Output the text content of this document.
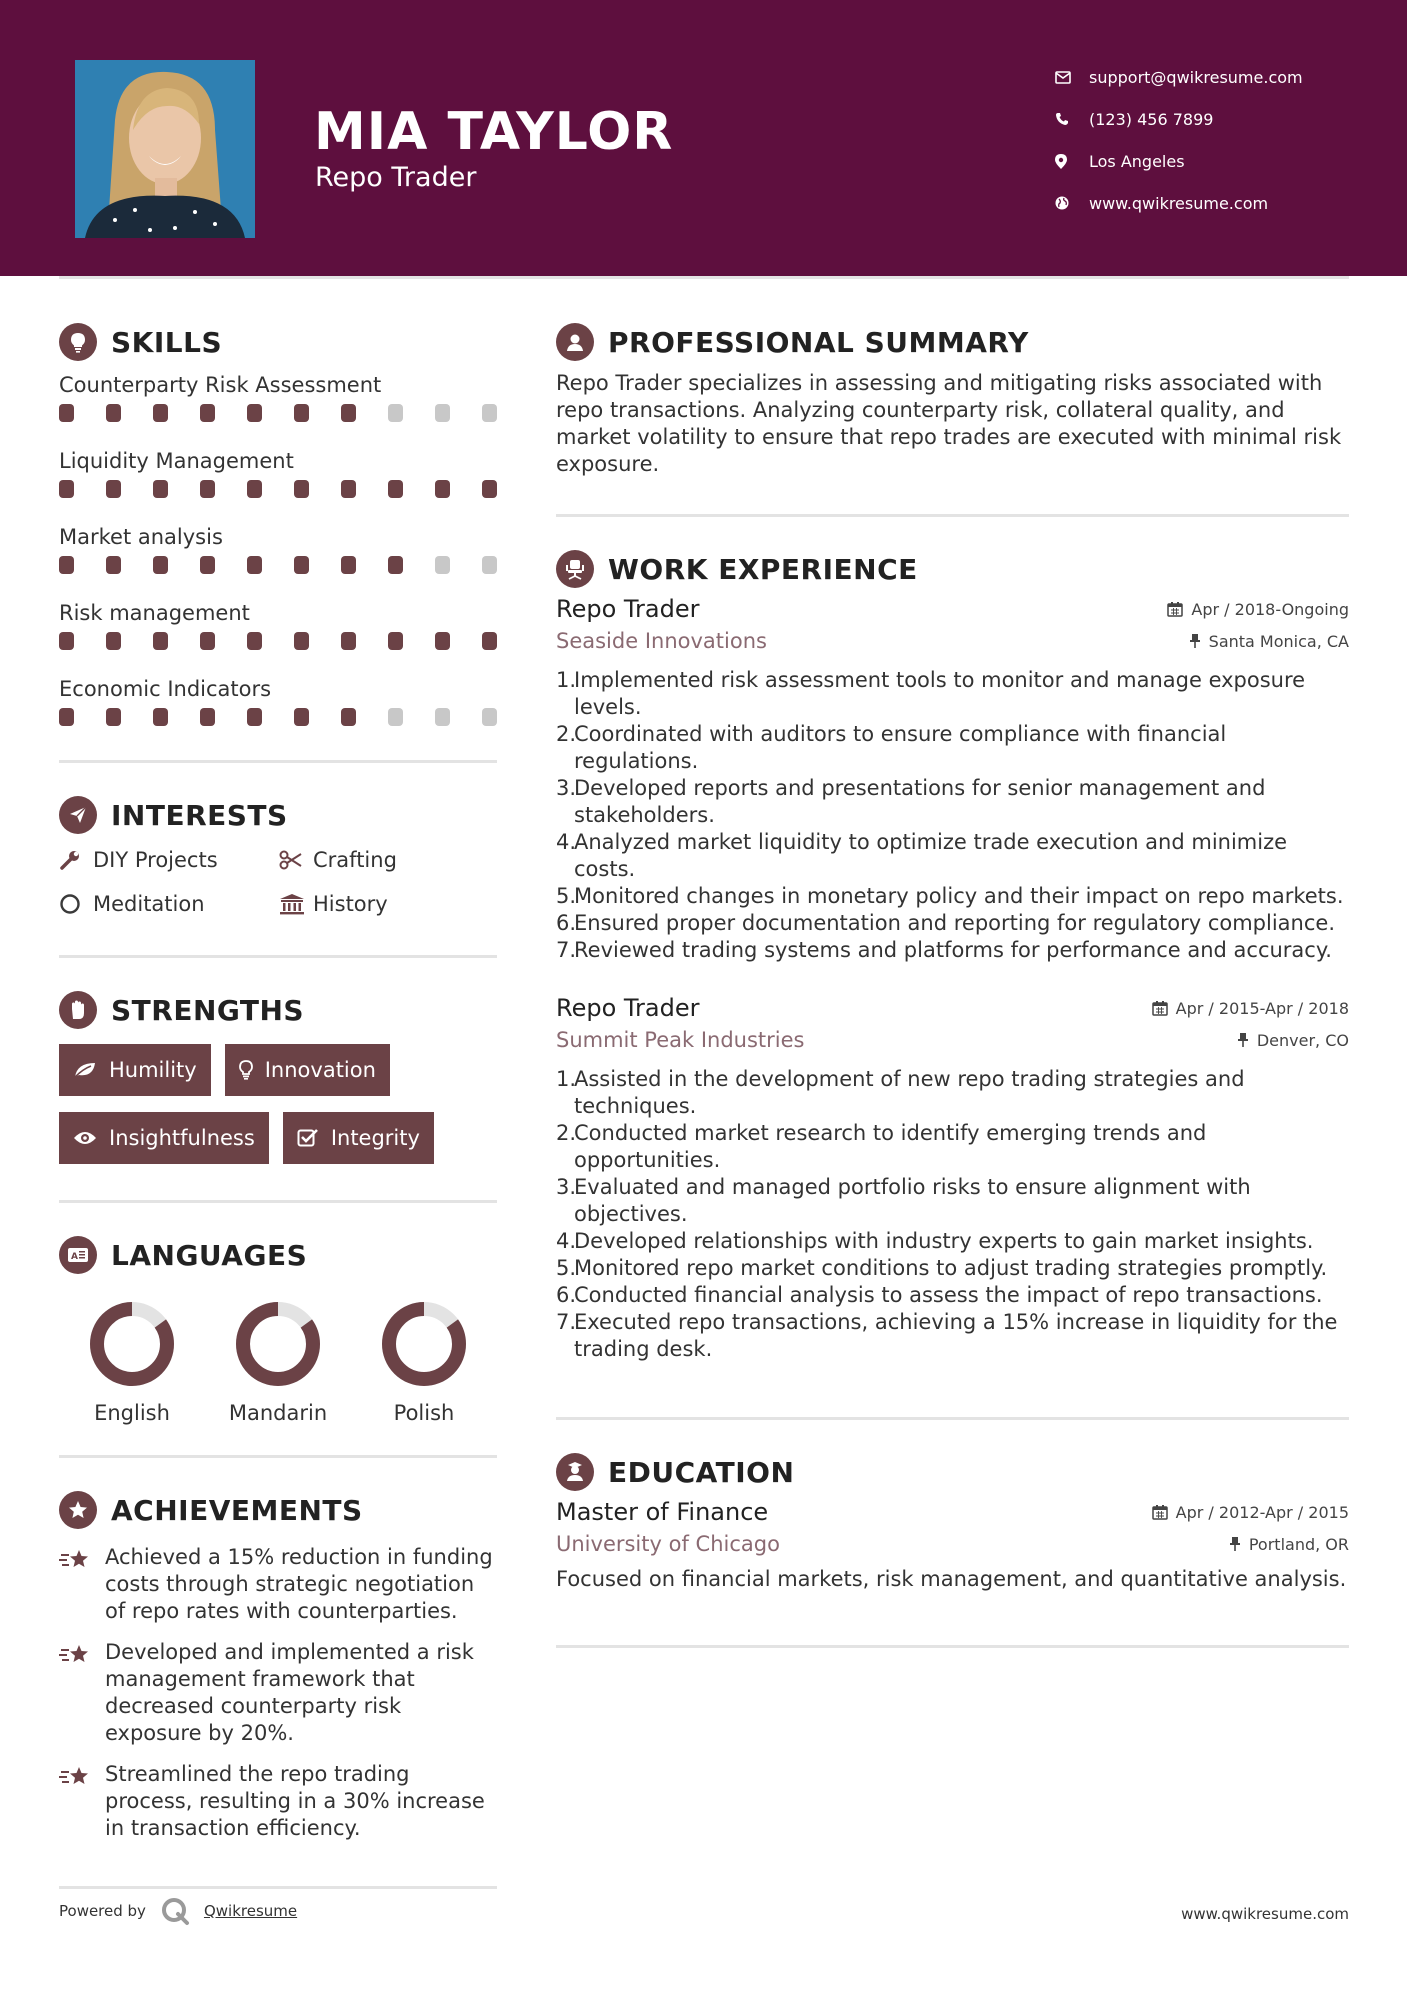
MIA TAYLOR
Repo Trader
support@qwikresume.com
(123) 456 7899
Los Angeles
www.qwikresume.com
SKILLS
Counterparty Risk Assessment
Liquidity Management
Market analysis
Risk management
Economic Indicators
INTERESTS
DIY Projects	Crafting
Meditation	History
STRENGTHS
Humility	Innovation
Insightfulness	Integrity
A LANGUAGES
English	Mandarin	Polish
ACHIEVEMENTS
Achieved a 15% reduction in funding costs through strategic negotiation of repo rates with counterparties.
Developed and implemented a risk management framework that decreased counterparty risk exposure by 20%.
Streamlined the repo trading process, resulting in a 30% increase in transaction efficiency.
PROFESSIONAL SUMMARY

Repo Trader specializes in assessing and mitigating risks associated with repo transactions. Analyzing counterparty risk, collateral quality, and market volatility to ensure that repo trades are executed with minimal risk exposure.

WORK EXPERIENCE
Repo Trader	Apr / 2018-Ongoing
Seaside Innovations	Santa Monica, CA
1.
Implemented risk assessment tools to monitor and manage exposure levels.
2.
Coordinated with auditors to ensure compliance with financial regulations.
3.
Developed reports and presentations for senior management and stakeholders.
4.
Analyzed market liquidity to optimize trade execution and minimize costs.
5.
Monitored changes in monetary policy and their impact on repo markets.
6.
Ensured proper documentation and reporting for regulatory compliance.
7.
Reviewed trading systems and platforms for performance and accuracy.
Repo Trader	Apr / 2015-Apr / 2018
Summit Peak Industries	Denver, CO
1.
Assisted in the development of new repo trading strategies and techniques.
2.
Conducted market research to identify emerging trends and opportunities.
3.
Evaluated and managed portfolio risks to ensure alignment with objectives.
4.
Developed relationships with industry experts to gain market insights.
5.
Monitored repo market conditions to adjust trading strategies promptly.
6.
Conducted financial analysis to assess the impact of repo transactions.
7.
Executed repo transactions, achieving a 15% increase in liquidity for the trading desk.
EDUCATION
Master of Finance	Apr / 2012-Apr / 2015
University of Chicago	Portland, OR

Focused on financial markets, risk management, and quantitative analysis.

Powered by	Qwikresume	www.qwikresume.com
